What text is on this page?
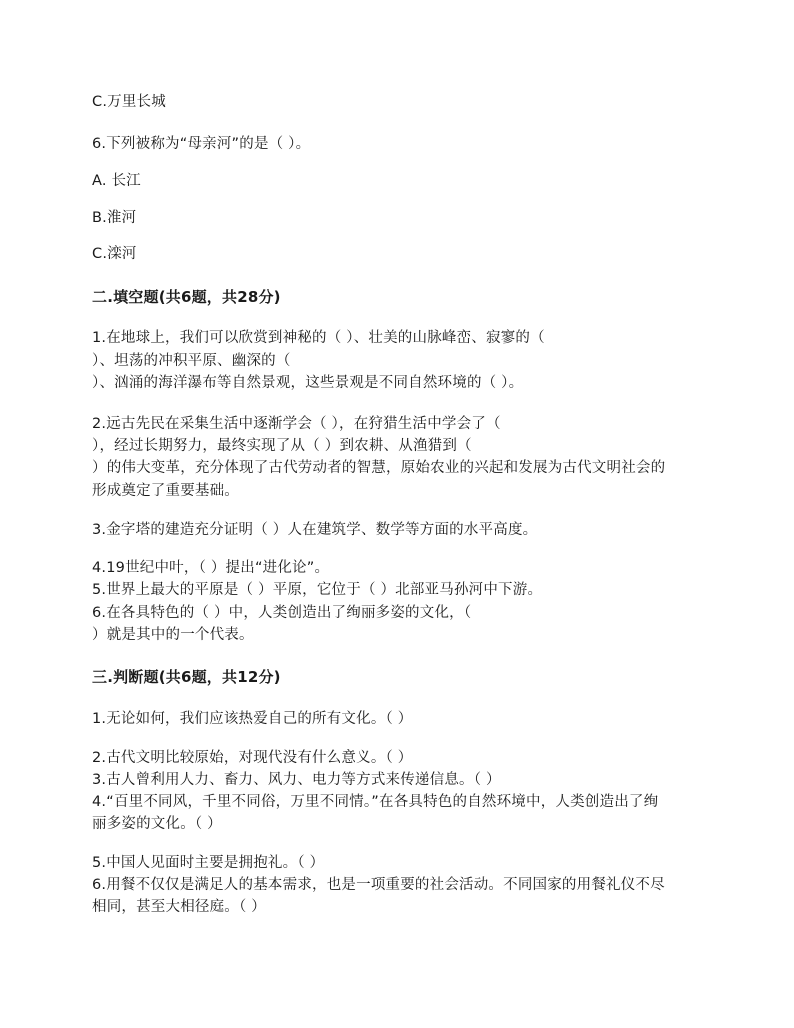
C.万里长城
6.下列被称为“母亲河”的是（ ）。
A. 长江
B.淮河
C.滦河
二.填空题(共6题，共28分)
1.在地球上，我们可以欣赏到神秘的（ ）、壮美的山脉峰峦、寂寥的（
）、坦荡的冲积平原、幽深的（
）、汹涌的海洋瀑布等自然景观，这些景观是不同自然环境的（ ）。
2.远古先民在采集生活中逐渐学会（ ），在狩猎生活中学会了（
），经过长期努力，最终实现了从（ ）到农耕、从渔猎到（
）的伟大变革，充分体现了古代劳动者的智慧，原始农业的兴起和发展为古代文明社会的
形成奠定了重要基础。
3.金字塔的建造充分证明（ ）人在建筑学、数学等方面的水平高度。
4.19世纪中叶，（ ）提出“进化论”。
5.世界上最大的平原是（ ）平原，它位于（ ）北部亚马孙河中下游。
6.在各具特色的（ ）中，人类创造出了绚丽多姿的文化，（
）就是其中的一个代表。
三.判断题(共6题，共12分)
1.无论如何，我们应该热爱自己的所有文化。（ ）
2.古代文明比较原始，对现代没有什么意义。（ ）
3.古人曾利用人力、畜力、风力、电力等方式来传递信息。（ ）
4.“百里不同风，千里不同俗，万里不同情。”在各具特色的自然环境中，人类创造出了绚
丽多姿的文化。（ ）
5.中国人见面时主要是拥抱礼。（ ）
6.用餐不仅仅是满足人的基本需求，也是一项重要的社会活动。不同国家的用餐礼仪不尽
相同，甚至大相径庭。（ ）
